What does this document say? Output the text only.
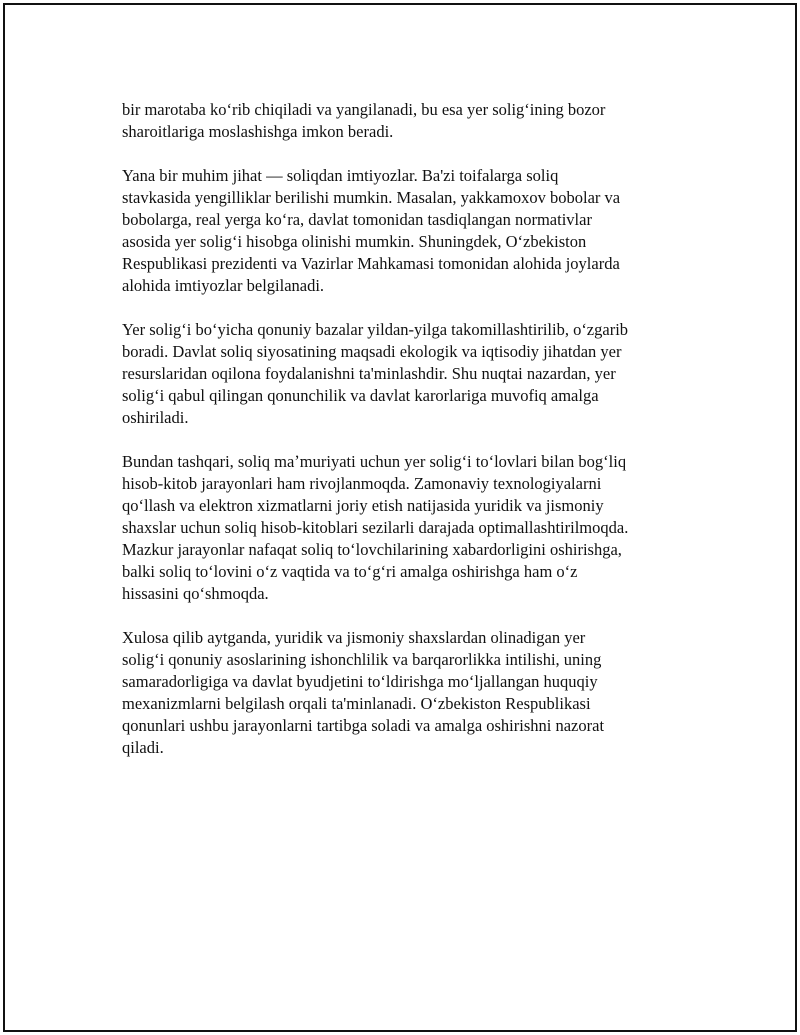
bir marotaba koʻrib chiqiladi va yangilanadi, bu esa yer soligʻining bozor
sharoitlariga moslashishga imkon beradi.

Yana bir muhim jihat — soliqdan imtiyozlar. Ba'zi toifalarga soliq
stavkasida yengilliklar berilishi mumkin. Masalan, yakkamoxov bobolar va
bobolarga, real yerga koʻra, davlat tomonidan tasdiqlangan normativlar
asosida yer soligʻi hisobga olinishi mumkin. Shuningdek, Oʻzbekiston
Respublikasi prezidenti va Vazirlar Mahkamasi tomonidan alohida joylarda
alohida imtiyozlar belgilanadi.

Yer soligʻi boʻyicha qonuniy bazalar yildan-yilga takomillashtirilib, oʻzgarib
boradi. Davlat soliq siyosatining maqsadi ekologik va iqtisodiy jihatdan yer
resurslaridan oqilona foydalanishni ta'minlashdir. Shu nuqtai nazardan, yer
soligʻi qabul qilingan qonunchilik va davlat karorlariga muvofiq amalga
oshiriladi.

Bundan tashqari, soliq maʼmuriyati uchun yer soligʻi toʻlovlari bilan bogʻliq
hisob-kitob jarayonlari ham rivojlanmoqda. Zamonaviy texnologiyalarni
qoʻllash va elektron xizmatlarni joriy etish natijasida yuridik va jismoniy
shaxslar uchun soliq hisob-kitoblari sezilarli darajada optimallashtirilmoqda.
Mazkur jarayonlar nafaqat soliq toʻlovchilarining xabardorligini oshirishga,
balki soliq toʻlovini oʻz vaqtida va toʻgʻri amalga oshirishga ham oʻz
hissasini qoʻshmoqda.

Xulosa qilib aytganda, yuridik va jismoniy shaxslardan olinadigan yer
soligʻi qonuniy asoslarining ishonchlilik va barqarorlikka intilishi, uning
samaradorligiga va davlat byudjetini toʻldirishga moʻljallangan huquqiy
mexanizmlarni belgilash orqali ta'minlanadi. Oʻzbekiston Respublikasi
qonunlari ushbu jarayonlarni tartibga soladi va amalga oshirishni nazorat
qiladi.
